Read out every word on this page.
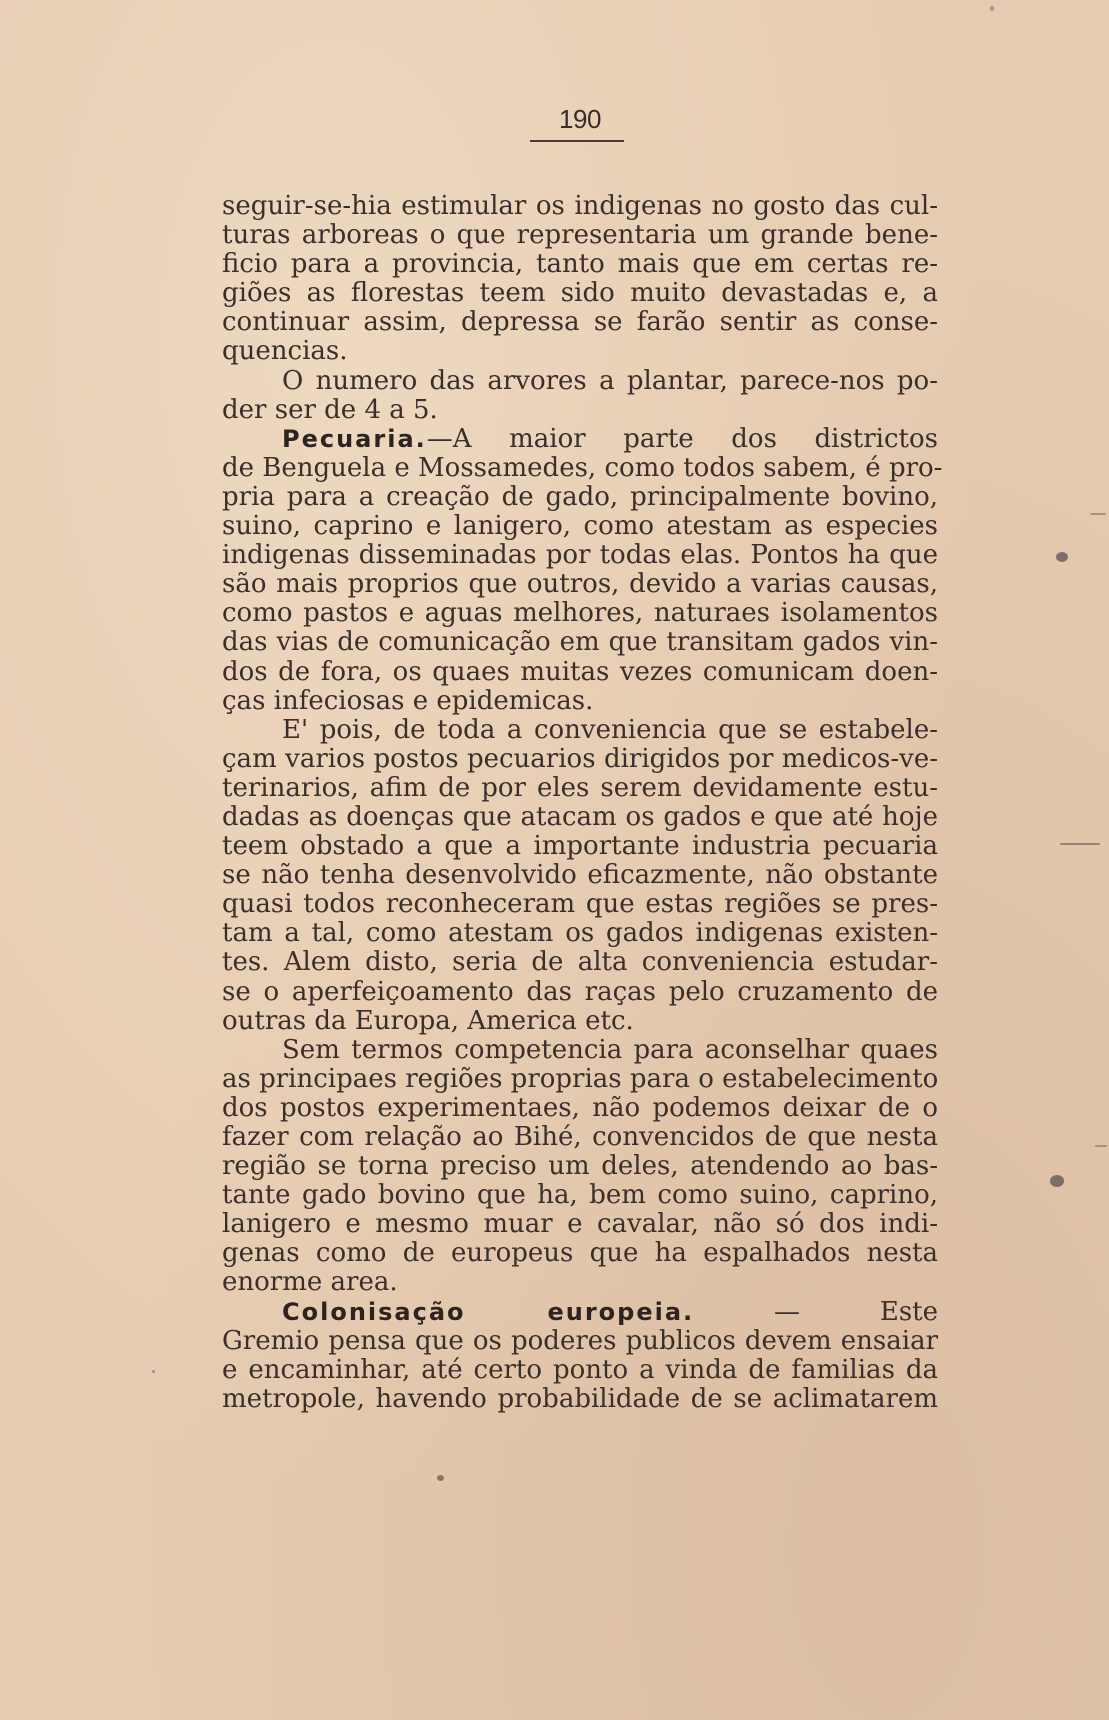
190
seguir-se-hia estimular os indigenas no gosto das cul-
turas arboreas o que representaria um grande bene-
ficio para a provincia, tanto mais que em certas re-
giões as florestas teem sido muito devastadas e, a
continuar assim, depressa se farão sentir as conse-
quencias.
O numero das arvores a plantar, parece-nos po-
der ser de 4 a 5.
Pecuaria.—A maior parte dos districtos
de Benguela e Mossamedes, como todos sabem, é pro-
pria para a creação de gado, principalmente bovino,
suino, caprino e lanigero, como atestam as especies
indigenas disseminadas por todas elas. Pontos ha que
são mais proprios que outros, devido a varias causas,
como pastos e aguas melhores, naturaes isolamentos
das vias de comunicação em que transitam gados vin-
dos de fora, os quaes muitas vezes comunicam doen-
ças infeciosas e epidemicas.
E' pois, de toda a conveniencia que se estabele-
çam varios postos pecuarios dirigidos por medicos-ve-
terinarios, afim de por eles serem devidamente estu-
dadas as doenças que atacam os gados e que até hoje
teem obstado a que a importante industria pecuaria
se não tenha desenvolvido eficazmente, não obstante
quasi todos reconheceram que estas regiões se pres-
tam a tal, como atestam os gados indigenas existen-
tes. Alem disto, seria de alta conveniencia estudar-
se o aperfeiçoamento das raças pelo cruzamento de
outras da Europa, America etc.
Sem termos competencia para aconselhar quaes
as principaes regiões proprias para o estabelecimento
dos postos experimentaes, não podemos deixar de o
fazer com relação ao Bihé, convencidos de que nesta
região se torna preciso um deles, atendendo ao bas-
tante gado bovino que ha, bem como suino, caprino,
lanigero e mesmo muar e cavalar, não só dos indi-
genas como de europeus que ha espalhados nesta
enorme area.
Colonisação europeia.	— Este
Gremio pensa que os poderes publicos devem ensaiar
e encaminhar, até certo ponto a vinda de familias da
metropole, havendo probabilidade de se aclimatarem
